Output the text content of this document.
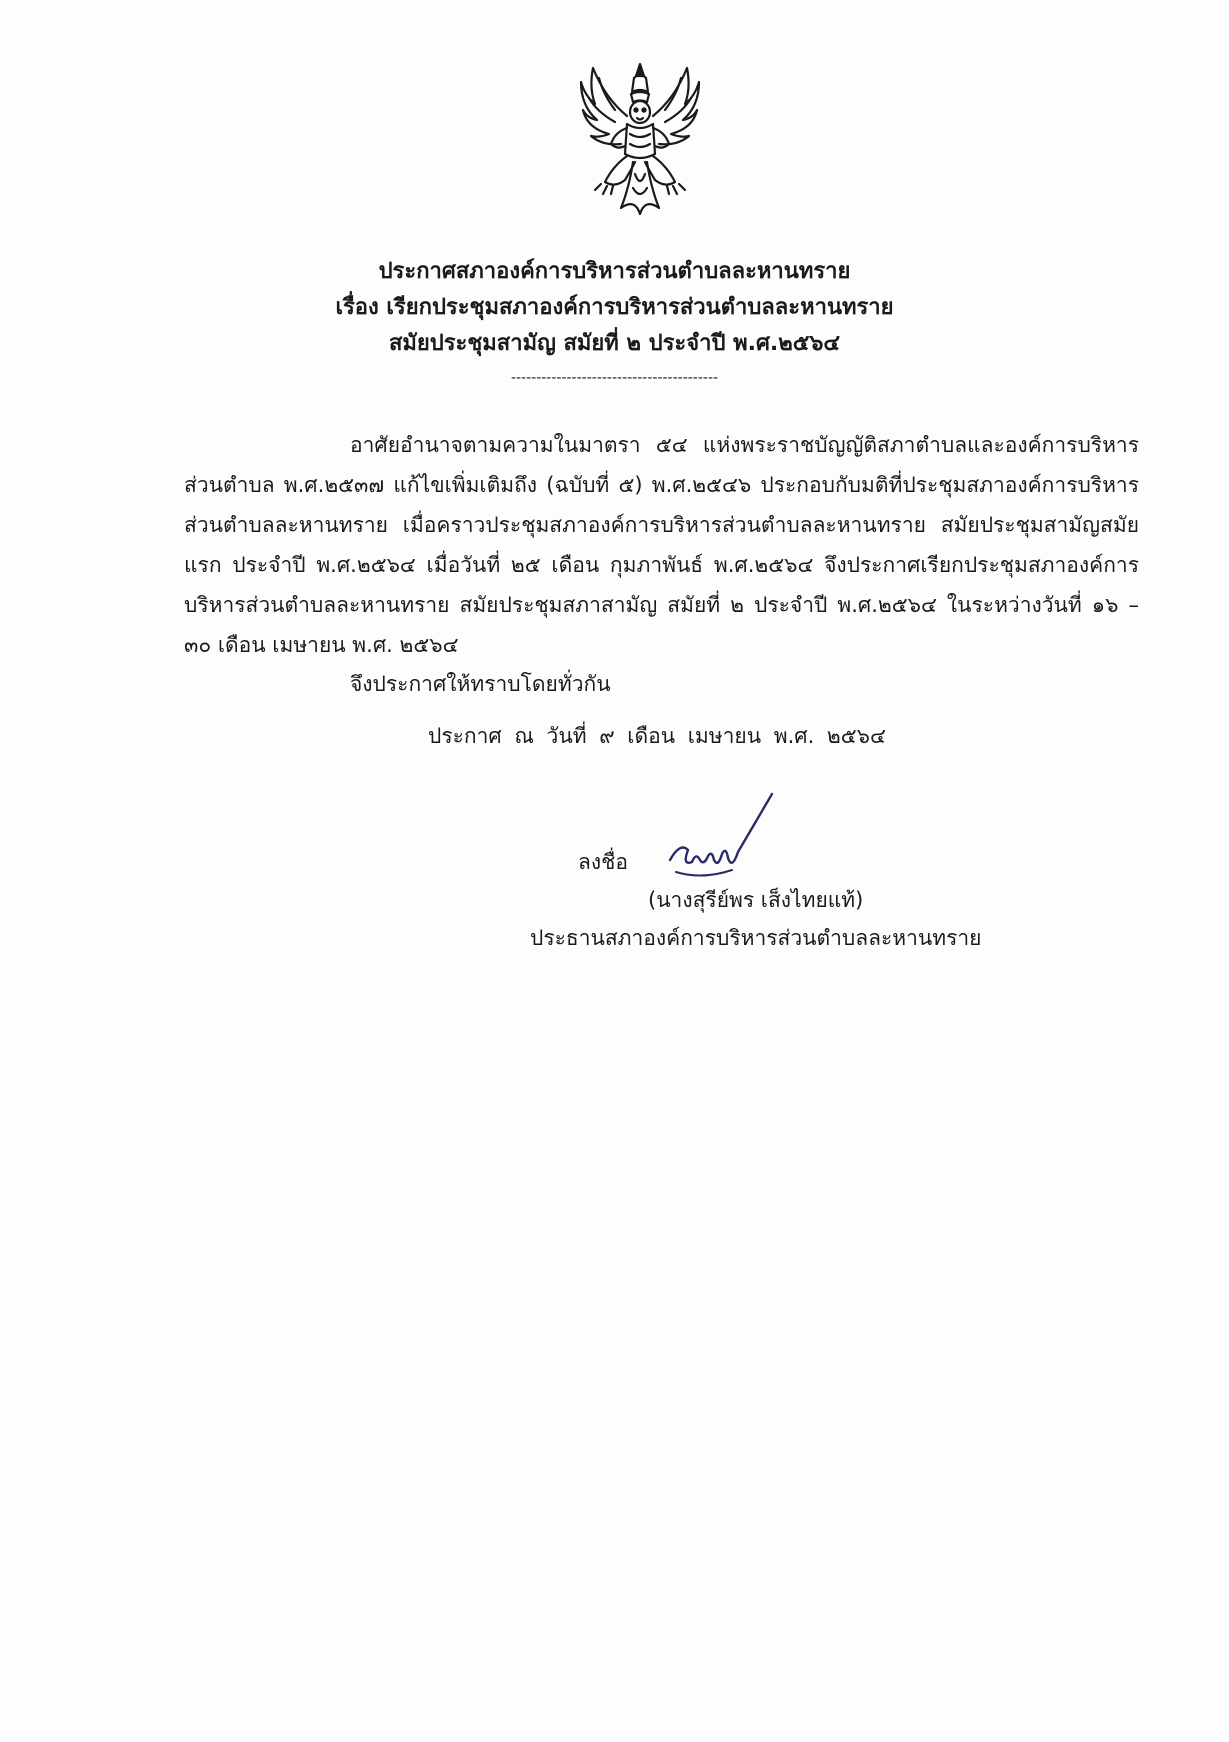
ประกาศสภาองค์การบริหารส่วนตำบลละหานทราย
เรื่อง เรียกประชุมสภาองค์การบริหารส่วนตำบลละหานทราย
สมัยประชุมสามัญ สมัยที่ ๒ ประจำปี พ.ศ.๒๕๖๔
-----------------------------------------

อาศัยอำนาจตามความในมาตรา ๕๔ แห่งพระราชบัญญัติสภาตำบลและองค์การบริหารส่วนตำบล พ.ศ.๒๕๓๗ แก้ไขเพิ่มเติมถึง (ฉบับที่ ๕) พ.ศ.๒๕๔๖ ประกอบกับมติที่ประชุมสภาองค์การบริหารส่วนตำบลละหานทราย เมื่อคราวประชุมสภาองค์การบริหารส่วนตำบลละหานทราย สมัยประชุมสามัญสมัยแรก ประจำปี พ.ศ.๒๕๖๔ เมื่อวันที่ ๒๕ เดือน กุมภาพันธ์ พ.ศ.๒๕๖๔ จึงประกาศเรียกประชุมสภาองค์การบริหารส่วนตำบลละหานทราย สมัยประชุมสภาสามัญ สมัยที่ ๒ ประจำปี พ.ศ.๒๕๖๔ ในระหว่างวันที่ ๑๖ – ๓๐ เดือน เมษายน พ.ศ. ๒๕๖๔

จึงประกาศให้ทราบโดยทั่วกัน
ประกาศ ณ วันที่ ๙ เดือน เมษายน พ.ศ. ๒๕๖๔
ลงชื่อ
(นางสุรีย์พร เส็งไทยแท้)
ประธานสภาองค์การบริหารส่วนตำบลละหานทราย
